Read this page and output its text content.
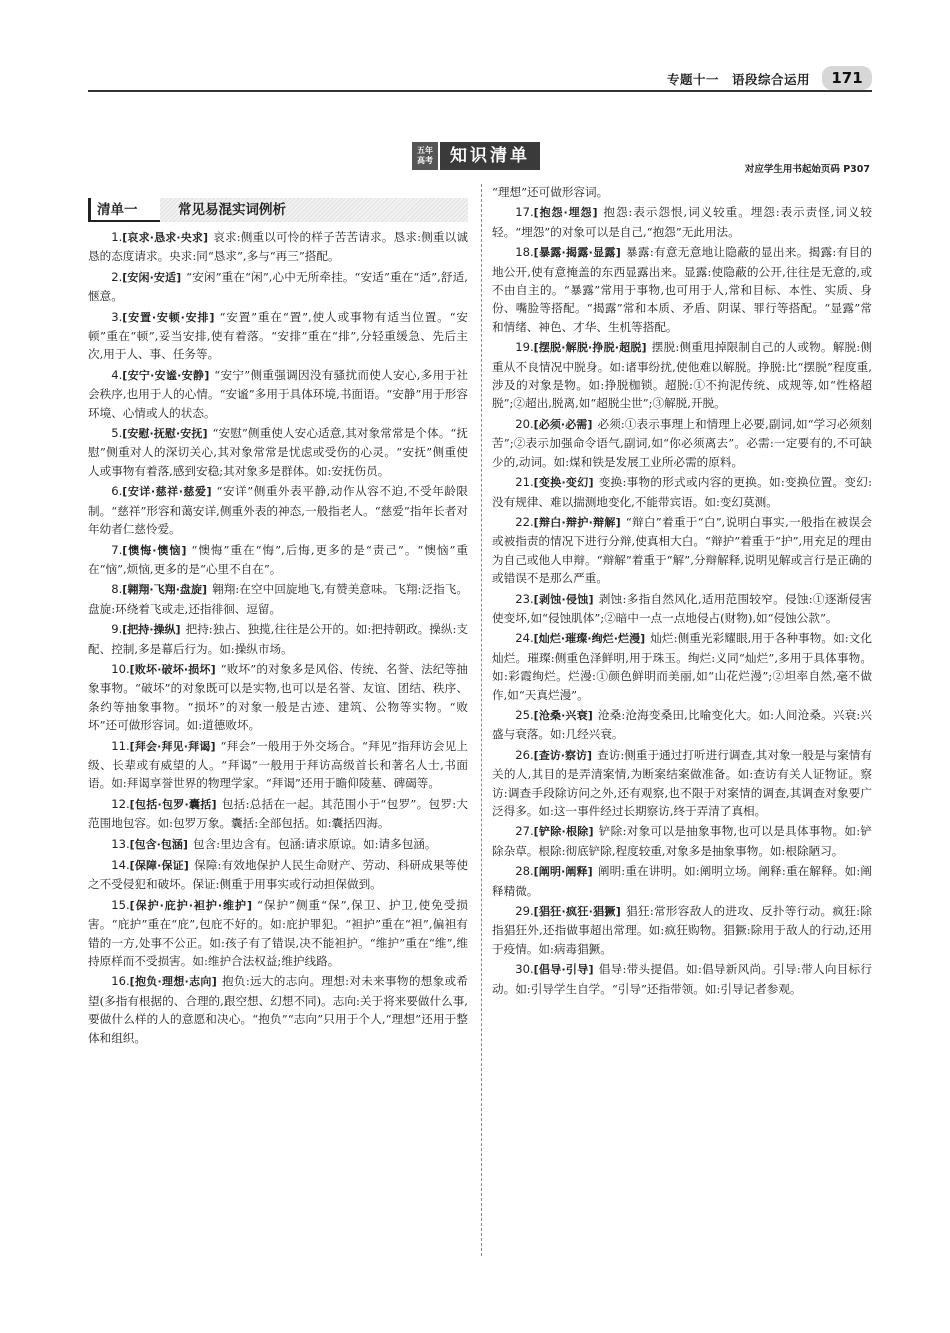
专题十一　语段综合运用	171
五年高考	知识清单
对应学生用书起始页码 P307
清单一	常见易混实词例析

1.[哀求·恳求·央求] 哀求:侧重以可怜的样子苦苦请求。恳求:侧重以诚恳的态度请求。央求:同“恳求”,多与“再三”搭配。

2.[安闲·安适] “安闲”重在“闲”,心中无所牵挂。“安适”重在“适”,舒适,惬意。

3.[安置·安顿·安排] “安置”重在“置”,使人或事物有适当位置。“安顿”重在“顿”,妥当安排,使有着落。“安排”重在“排”,分轻重缓急、先后主次,用于人、事、任务等。

4.[安宁·安谧·安静] “安宁”侧重强调因没有骚扰而使人安心,多用于社会秩序,也用于人的心情。“安谧”多用于具体环境,书面语。“安静”用于形容环境、心情或人的状态。

5.[安慰·抚慰·安抚] “安慰”侧重使人安心适意,其对象常常是个体。“抚慰”侧重对人的深切关心,其对象常常是忧虑或受伤的心灵。“安抚”侧重使人或事物有着落,感到安稳;其对象多是群体。如:安抚伤员。

6.[安详·慈祥·慈爱] “安详”侧重外表平静,动作从容不迫,不受年龄限制。“慈祥”形容和蔼安详,侧重外表的神态,一般指老人。“慈爱”指年长者对年幼者仁慈怜爱。

7.[懊悔·懊恼] “懊悔”重在“悔”,后悔,更多的是“责己”。“懊恼”重在“恼”,烦恼,更多的是“心里不自在”。

8.[翱翔·飞翔·盘旋] 翱翔:在空中回旋地飞,有赞美意味。飞翔:泛指飞。盘旋:环绕着飞或走,还指徘徊、逗留。

9.[把持·操纵] 把持:独占、独揽,往往是公开的。如:把持朝政。操纵:支配、控制,多是幕后行为。如:操纵市场。

10.[败坏·破坏·损坏] “败坏”的对象多是风俗、传统、名誉、法纪等抽象事物。“破坏”的对象既可以是实物,也可以是名誉、友谊、团结、秩序、条约等抽象事物。“损坏”的对象一般是古迹、建筑、公物等实物。“败坏”还可做形容词。如:道德败坏。

11.[拜会·拜见·拜谒] “拜会”一般用于外交场合。“拜见”指拜访会见上级、长辈或有威望的人。“拜谒”一般用于拜访高级首长和著名人士,书面语。如:拜谒享誉世界的物理学家。“拜谒”还用于瞻仰陵墓、碑碣等。

12.[包括·包罗·囊括] 包括:总括在一起。其范围小于“包罗”。包罗:大范围地包容。如:包罗万象。囊括:全部包括。如:囊括四海。

13.[包含·包涵] 包含:里边含有。包涵:请求原谅。如:请多包涵。

14.[保障·保证] 保障:有效地保护人民生命财产、劳动、科研成果等使之不受侵犯和破坏。保证:侧重于用事实或行动担保做到。

15.[保护·庇护·袒护·维护] “保护”侧重“保”,保卫、护卫,使免受损害。“庇护”重在“庇”,包庇不好的。如:庇护罪犯。“袒护”重在“袒”,偏袒有错的一方,处事不公正。如:孩子有了错误,决不能袒护。“维护”重在“维”,维持原样而不受损害。如:维护合法权益;维护线路。

16.[抱负·理想·志向] 抱负:远大的志向。理想:对未来事物的想象或希望(多指有根据的、合理的,跟空想、幻想不同)。志向:关于将来要做什么事,要做什么样的人的意愿和决心。“抱负”“志向”只用于个人,“理想”还用于整体和组织。

“理想”还可做形容词。

17.[抱怨·埋怨] 抱怨:表示怨恨,词义较重。埋怨:表示责怪,词义较轻。“埋怨”的对象可以是自己,“抱怨”无此用法。

18.[暴露·揭露·显露] 暴露:有意无意地让隐蔽的显出来。揭露:有目的地公开,使有意掩盖的东西显露出来。显露:使隐蔽的公开,往往是无意的,或不由自主的。“暴露”常用于事物,也可用于人,常和目标、本性、实质、身份、嘴脸等搭配。“揭露”常和本质、矛盾、阴谋、罪行等搭配。“显露”常和情绪、神色、才华、生机等搭配。

19.[摆脱·解脱·挣脱·超脱] 摆脱:侧重甩掉限制自己的人或物。解脱:侧重从不良情况中脱身。如:诸事纷扰,使他难以解脱。挣脱:比“摆脱”程度重,涉及的对象是物。如:挣脱枷锁。超脱:①不拘泥传统、成规等,如“性格超脱”;②超出,脱离,如“超脱尘世”;③解脱,开脱。

20.[必须·必需] 必须:①表示事理上和情理上必要,副词,如“学习必须刻苦”;②表示加强命令语气,副词,如“你必须离去”。必需:一定要有的,不可缺少的,动词。如:煤和铁是发展工业所必需的原料。

21.[变换·变幻] 变换:事物的形式或内容的更换。如:变换位置。变幻:没有规律、难以揣测地变化,不能带宾语。如:变幻莫测。

22.[辩白·辩护·辩解] “辩白”着重于“白”,说明白事实,一般指在被误会或被指责的情况下进行分辩,使真相大白。“辩护”着重于“护”,用充足的理由为自己或他人申辩。“辩解”着重于“解”,分辩解释,说明见解或言行是正确的或错误不是那么严重。

23.[剥蚀·侵蚀] 剥蚀:多指自然风化,适用范围较窄。侵蚀:①逐渐侵害使变坏,如“侵蚀肌体”;②暗中一点一点地侵占(财物),如“侵蚀公款”。

24.[灿烂·璀璨·绚烂·烂漫] 灿烂:侧重光彩耀眼,用于各种事物。如:文化灿烂。璀璨:侧重色泽鲜明,用于珠玉。绚烂:义同“灿烂”,多用于具体事物。如:彩霞绚烂。烂漫:①颜色鲜明而美丽,如“山花烂漫”;②坦率自然,毫不做作,如“天真烂漫”。

25.[沧桑·兴衰] 沧桑:沧海变桑田,比喻变化大。如:人间沧桑。兴衰:兴盛与衰落。如:几经兴衰。

26.[查访·察访] 查访:侧重于通过打听进行调查,其对象一般是与案情有关的人,其目的是弄清案情,为断案结案做准备。如:查访有关人证物证。察访:调查手段除访问之外,还有观察,也不限于对案情的调查,其调查对象要广泛得多。如:这一事件经过长期察访,终于弄清了真相。

27.[铲除·根除] 铲除:对象可以是抽象事物,也可以是具体事物。如:铲除杂草。根除:彻底铲除,程度较重,对象多是抽象事物。如:根除陋习。

28.[阐明·阐释] 阐明:重在讲明。如:阐明立场。阐释:重在解释。如:阐释精微。

29.[猖狂·疯狂·猖獗] 猖狂:常形容敌人的进攻、反扑等行动。疯狂:除指猖狂外,还指做事超出常理。如:疯狂购物。猖獗:除用于敌人的行动,还用于疫情。如:病毒猖獗。

30.[倡导·引导] 倡导:带头提倡。如:倡导新风尚。引导:带人向目标行动。如:引导学生自学。“引导”还指带领。如:引导记者参观。
